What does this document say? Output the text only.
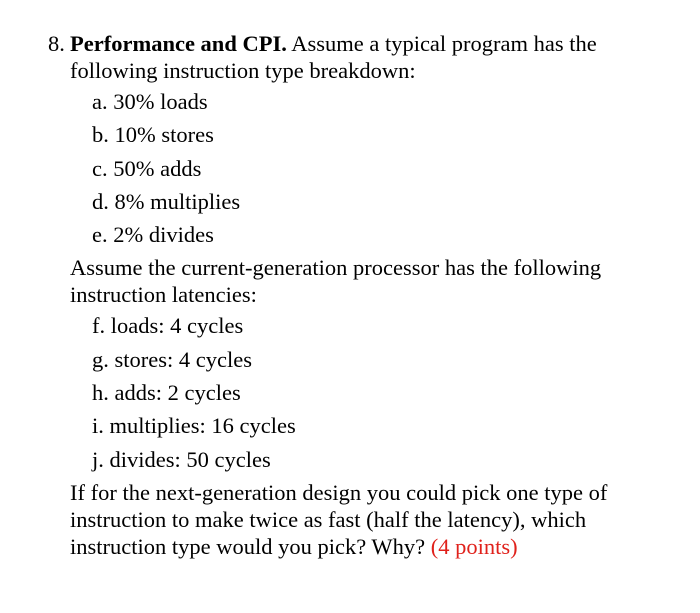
8. Performance and CPI. Assume a typical program has the
following instruction type breakdown:
a. 30% loads
b. 10% stores
c. 50% adds
d. 8% multiplies
e. 2% divides
Assume the current-generation processor has the following
instruction latencies:
f. loads: 4 cycles
g. stores: 4 cycles
h. adds: 2 cycles
i. multiplies: 16 cycles
j. divides: 50 cycles
If for the next-generation design you could pick one type of
instruction to make twice as fast (half the latency), which
instruction type would you pick? Why? (4 points)
